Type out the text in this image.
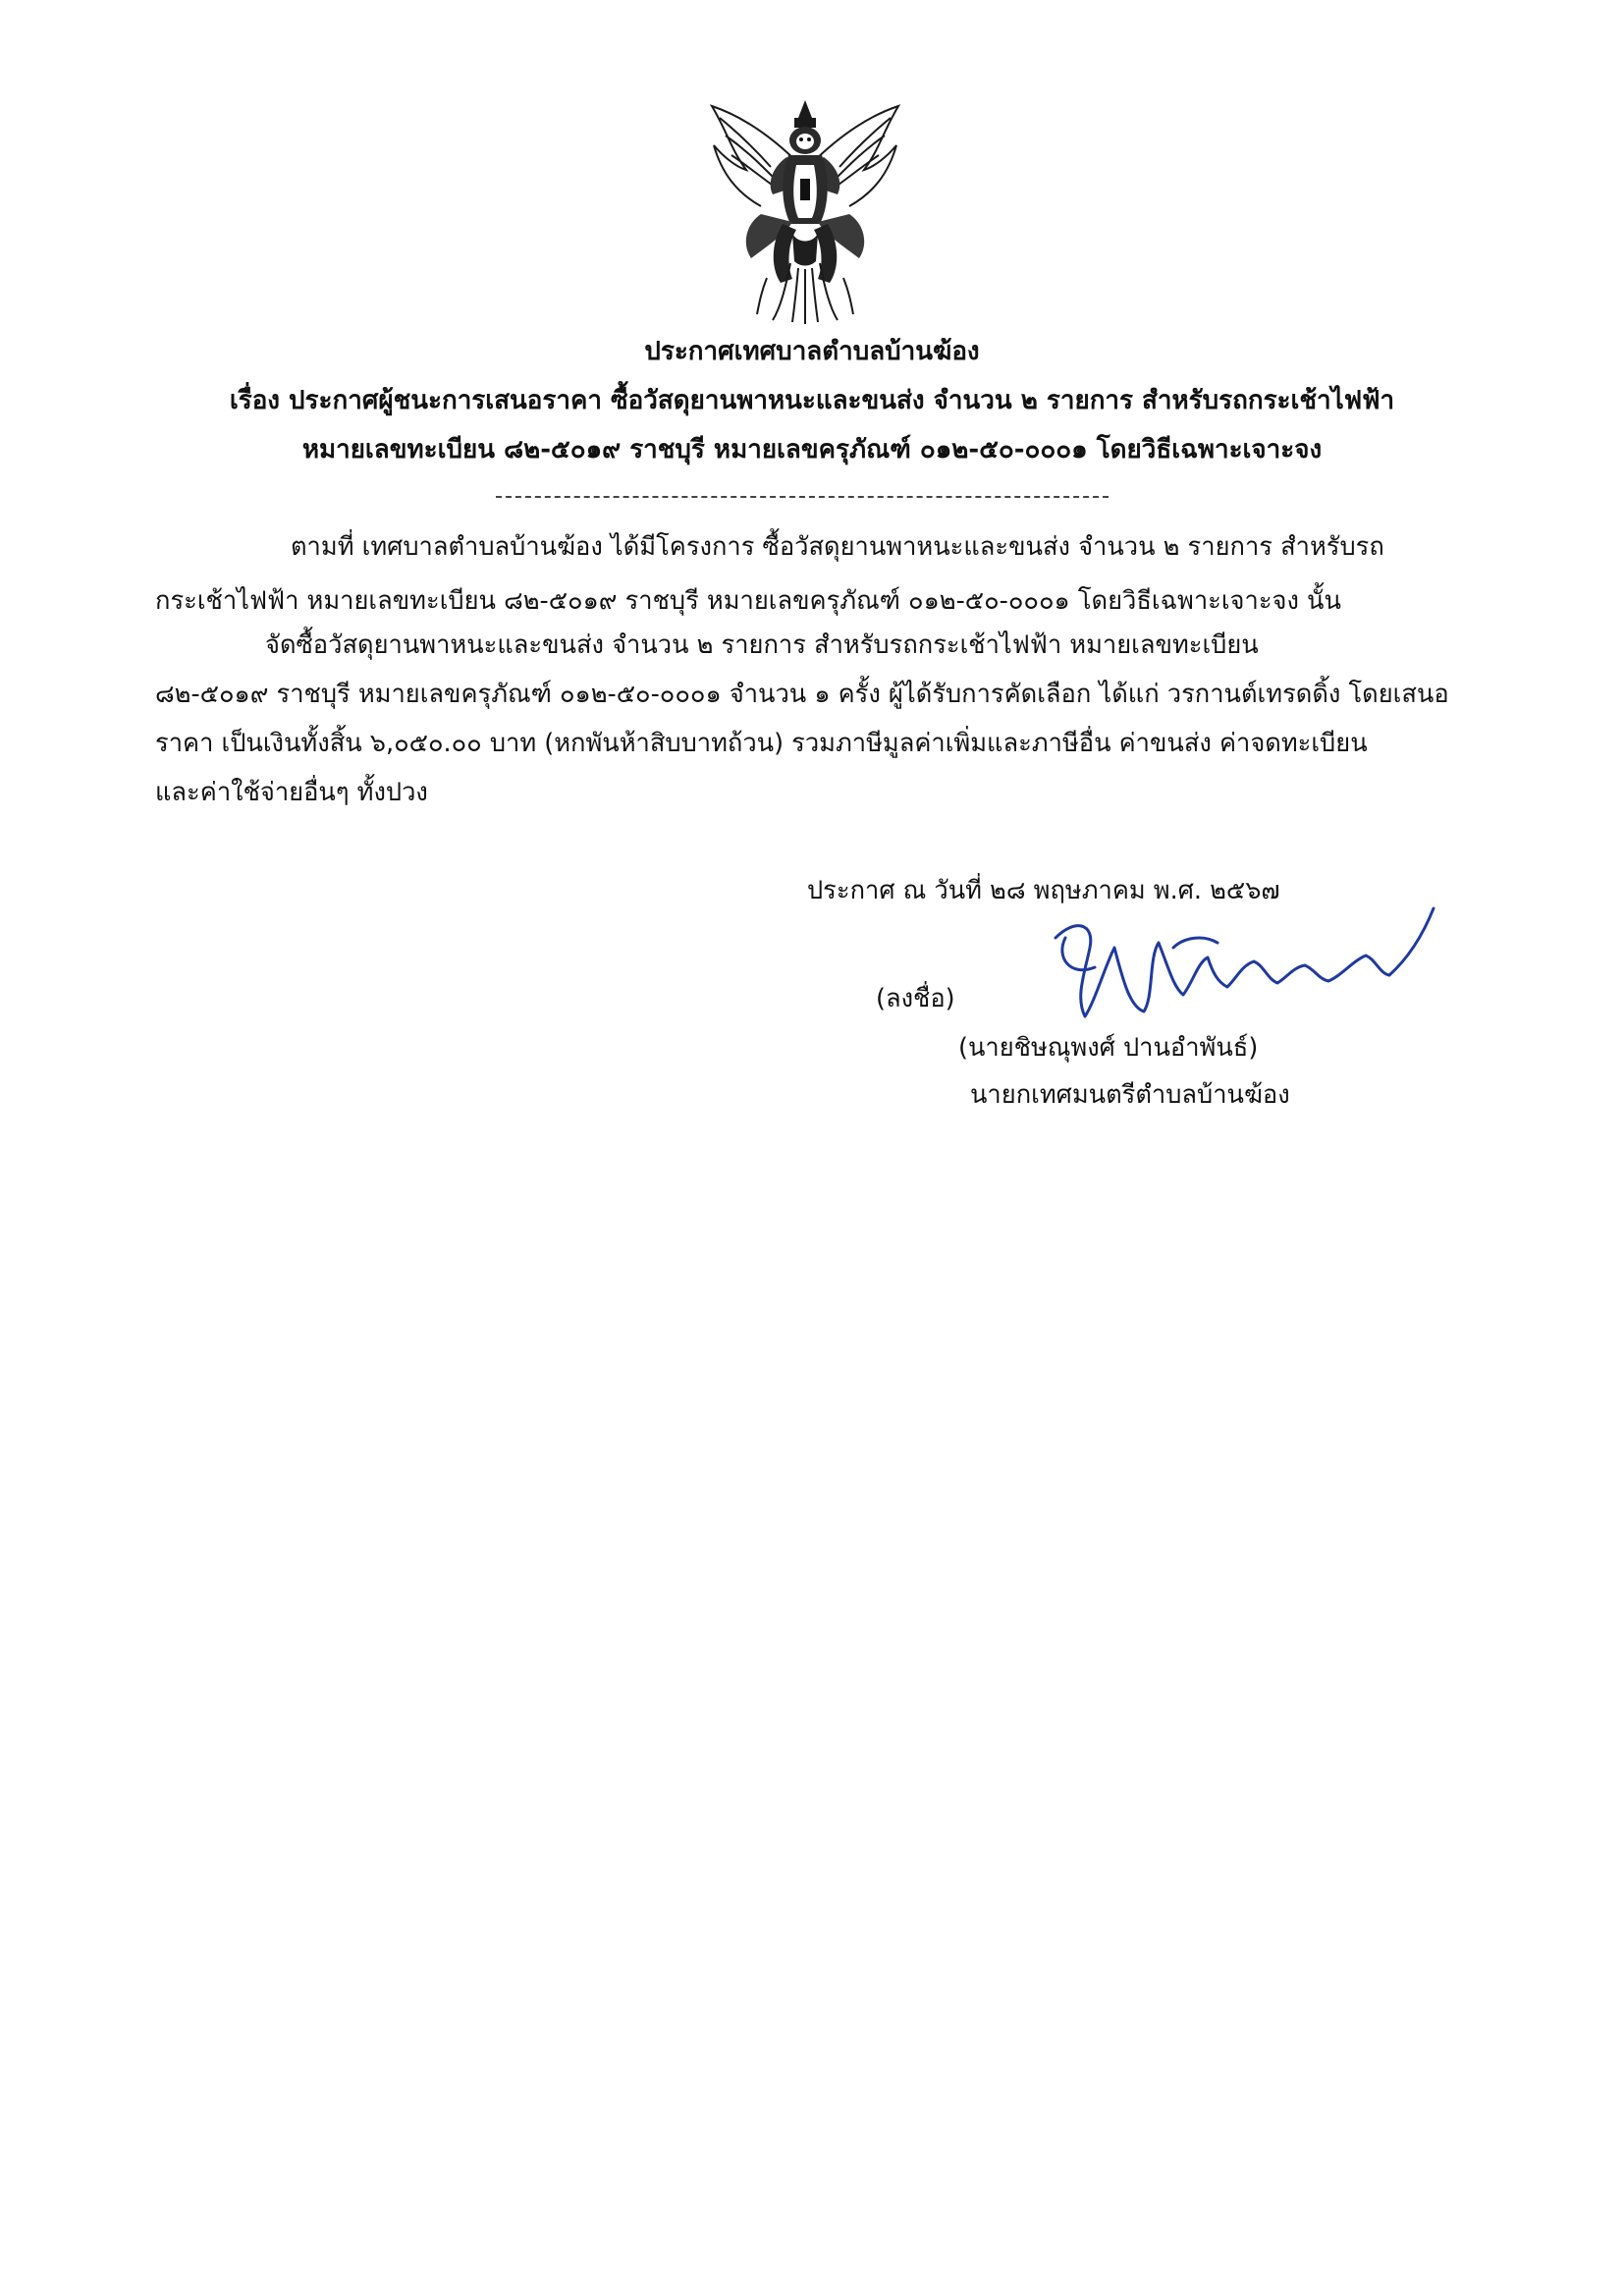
ประกาศเทศบาลตำบลบ้านฆ้อง
เรื่อง ประกาศผู้ชนะการเสนอราคา ซื้อวัสดุยานพาหนะและขนส่ง จำนวน ๒ รายการ สำหรับรถกระเช้าไฟฟ้า
หมายเลขทะเบียน ๘๒-๕๐๑๙ ราชบุรี หมายเลขครุภัณฑ์ ๐๑๒-๕๐-๐๐๐๑ โดยวิธีเฉพาะเจาะจง
ตามที่ เทศบาลตำบลบ้านฆ้อง ได้มีโครงการ ซื้อวัสดุยานพาหนะและขนส่ง จำนวน ๒ รายการ สำหรับรถ
กระเช้าไฟฟ้า หมายเลขทะเบียน ๘๒-๕๐๑๙ ราชบุรี หมายเลขครุภัณฑ์ ๐๑๒-๕๐-๐๐๐๑ โดยวิธีเฉพาะเจาะจง นั้น
จัดซื้อวัสดุยานพาหนะและขนส่ง จำนวน ๒ รายการ สำหรับรถกระเช้าไฟฟ้า หมายเลขทะเบียน
๘๒-๕๐๑๙ ราชบุรี หมายเลขครุภัณฑ์ ๐๑๒-๕๐-๐๐๐๑ จำนวน ๑ ครั้ง ผู้ได้รับการคัดเลือก ได้แก่ วรกานต์เทรดดิ้ง โดยเสนอ
ราคา เป็นเงินทั้งสิ้น ๖,๐๕๐.๐๐ บาท (หกพันห้าสิบบาทถ้วน) รวมภาษีมูลค่าเพิ่มและภาษีอื่น ค่าขนส่ง ค่าจดทะเบียน
และค่าใช้จ่ายอื่นๆ ทั้งปวง
ประกาศ ณ วันที่ ๒๘ พฤษภาคม พ.ศ. ๒๕๖๗
(ลงชื่อ)
(นายชิษณุพงศ์ ปานอำพันธ์)
นายกเทศมนตรีตำบลบ้านฆ้อง
